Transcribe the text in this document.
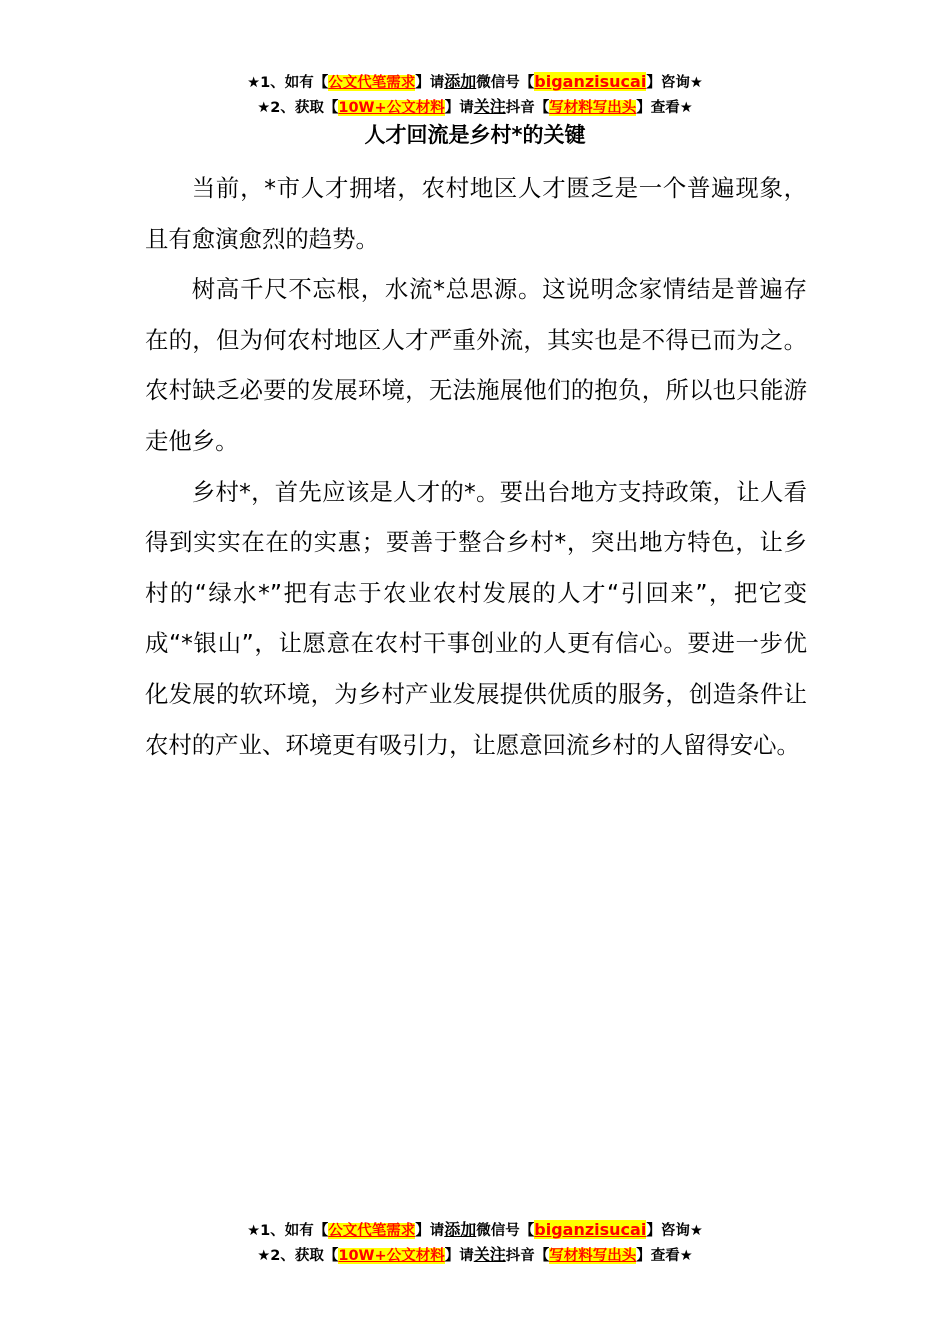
★1、如有【公文代笔需求】请添加微信号【biganzisucai】咨询★
★2、获取【10W+公文材料】请关注抖音【写材料写出头】查看★
人才回流是乡村*的关键

当前，*市人才拥堵，农村地区人才匮乏是一个普遍现象，且有愈演愈烈的趋势。

树高千尺不忘根，水流*总思源。这说明念家情结是普遍存在的，但为何农村地区人才严重外流，其实也是不得已而为之。农村缺乏必要的发展环境，无法施展他们的抱负，所以也只能游走他乡。

乡村*，首先应该是人才的*。要出台地方支持政策，让人看得到实实在在的实惠；要善于整合乡村*，突出地方特色，让乡村的“绿水*”把有志于农业农村发展的人才“引回来”，把它变成“*银山”，让愿意在农村干事创业的人更有信心。要进一步优化发展的软环境，为乡村产业发展提供优质的服务，创造条件让农村的产业、环境更有吸引力，让愿意回流乡村的人留得安心。

★1、如有【公文代笔需求】请添加微信号【biganzisucai】咨询★
★2、获取【10W+公文材料】请关注抖音【写材料写出头】查看★
